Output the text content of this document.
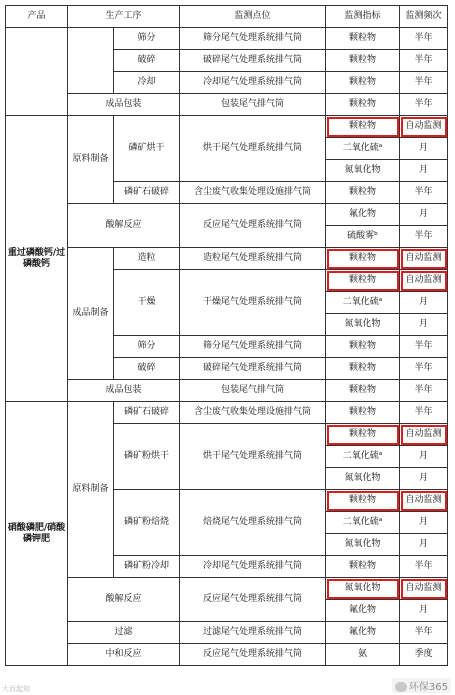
产品	生产工序		监测点位	监测指标	监测频次
		筛分	筛分尾气处理系统排气筒	颗粒物	半年
		破碎	破碎尾气处理系统排气筒	颗粒物	半年
		冷却	冷却尾气处理系统排气筒	颗粒物	半年
	成品包装		包装尾气排气筒	颗粒物	半年
重过磷酸钙/过磷酸钙	原料制备	磷矿烘干	烘干尾气处理系统排气筒	颗粒物	自动监测
				二氧化硫ᵃ	月
				氮氧化物	月
		磷矿石破碎	含尘废气收集处理设施排气筒	颗粒物	半年
	酸解反应		反应尾气处理系统排气筒	氟化物	月
				硫酸雾ᵇ	半年
	成品制备	造粒	造粒尾气处理系统排气筒	颗粒物	自动监测
		干燥	干燥尾气处理系统排气筒	颗粒物	自动监测
				二氧化硫ᵃ	月
				氮氧化物	月
		筛分	筛分尾气处理系统排气筒	颗粒物	半年
		破碎	破碎尾气处理系统排气筒	颗粒物	半年
	成品包装		包装尾气排气筒	颗粒物	半年
硝酸磷肥/硝酸磷钾肥	原料制备	磷矿石破碎	含尘废气收集处理设施排气筒	颗粒物	半年
		磷矿粉烘干	烘干尾气处理系统排气筒	颗粒物	自动监测
				二氧化硫ᵃ	月
				氮氧化物	月
		磷矿粉焙烧	焙烧尾气处理系统排气筒	颗粒物	自动监测
				二氧化硫ᵃ	月
				氮氧化物	月
		磷矿粉冷却	冷却尾气处理系统排气筒	颗粒物	半年
	酸解反应		反应尾气处理系统排气筒	氮氧化物	自动监测
				氟化物	月
	过滤		过滤尾气处理系统排气筒	氟化物	半年
	中和反应		反应尾气处理系统排气筒	氨	季度
大而起知	环保365
